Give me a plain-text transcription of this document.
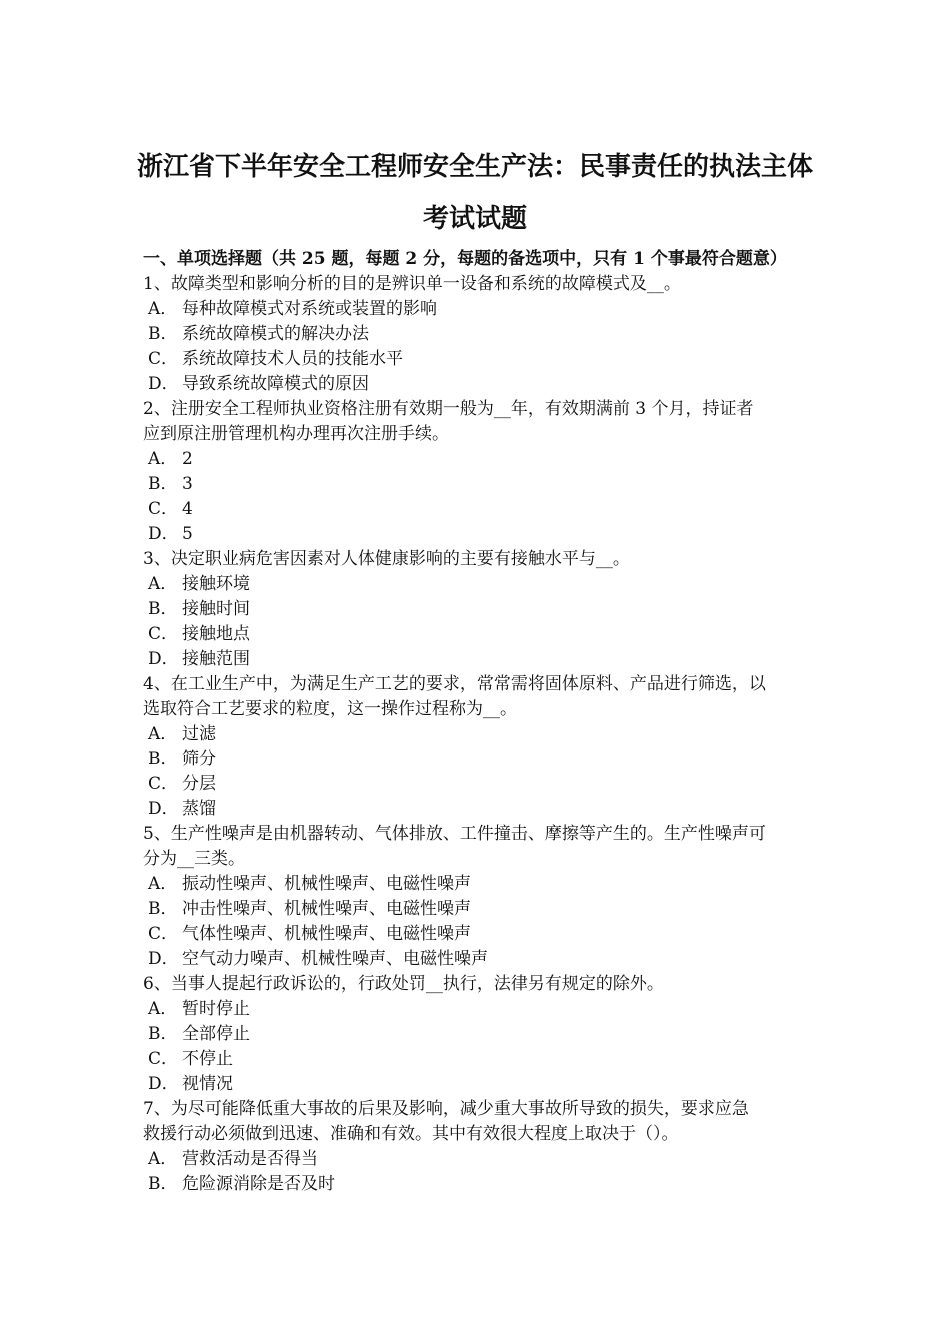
浙江省下半年安全工程师安全生产法：民事责任的执法主体
考试试题
一、单项选择题（共 25 题，每题 2 分，每题的备选项中，只有 1 个事最符合题意）
1、故障类型和影响分析的目的是辨识单一设备和系统的故障模式及__。
A． 每种故障模式对系统或装置的影响
B． 系统故障模式的解决办法
C． 系统故障技术人员的技能水平
D． 导致系统故障模式的原因
2、注册安全工程师执业资格注册有效期一般为__年，有效期满前 3 个月，持证者
应到原注册管理机构办理再次注册手续。
A． 2
B． 3
C． 4
D． 5
3、决定职业病危害因素对人体健康影响的主要有接触水平与__。
A． 接触环境
B． 接触时间
C． 接触地点
D． 接触范围
4、在工业生产中，为满足生产工艺的要求，常常需将固体原料、产品进行筛选，以
选取符合工艺要求的粒度，这一操作过程称为__。
A． 过滤
B． 筛分
C． 分层
D． 蒸馏
5、生产性噪声是由机器转动、气体排放、工件撞击、摩擦等产生的。生产性噪声可
分为__三类。
A． 振动性噪声、机械性噪声、电磁性噪声
B． 冲击性噪声、机械性噪声、电磁性噪声
C． 气体性噪声、机械性噪声、电磁性噪声
D． 空气动力噪声、机械性噪声、电磁性噪声
6、当事人提起行政诉讼的，行政处罚__执行，法律另有规定的除外。
A． 暂时停止
B． 全部停止
C． 不停止
D． 视情况
7、为尽可能降低重大事故的后果及影响，减少重大事故所导致的损失，要求应急
救援行动必须做到迅速、准确和有效。其中有效很大程度上取决于（）。
A． 营救活动是否得当
B． 危险源消除是否及时
